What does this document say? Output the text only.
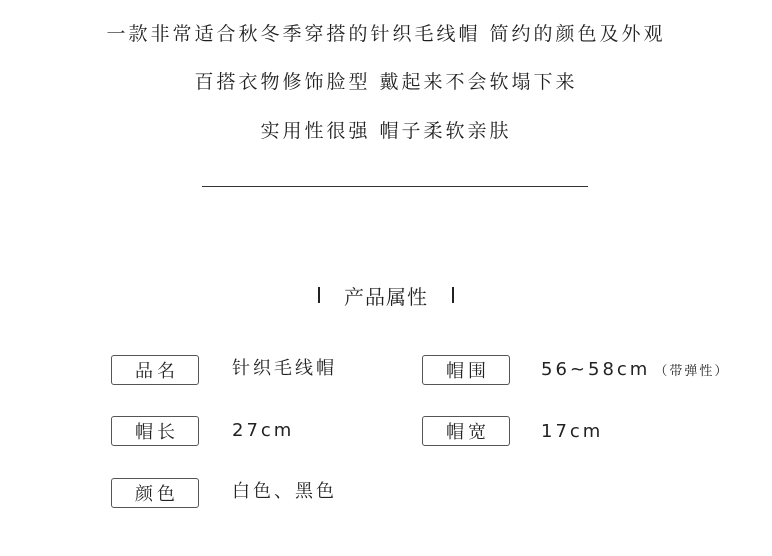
一款非常适合秋冬季穿搭的针织毛线帽 简约的颜色及外观
百搭衣物修饰脸型 戴起来不会软塌下来
实用性很强 帽子柔软亲肤
产品属性
品名	针织毛线帽	帽围	56~58cm （带弹性）
帽长	27cm	帽宽	17cm
颜色	白色、黑色
